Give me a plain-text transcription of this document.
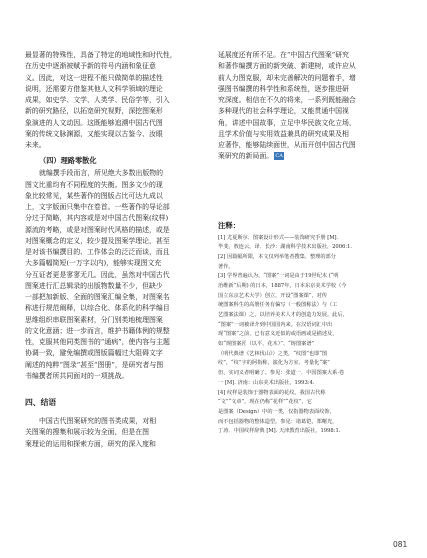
最显著的特殊性，具备了特定的地域性和时代性，
在历史中逐渐被赋予新的符号内涵和象征意
义。因此，对这一进程不能只做简单的描述性
说明，还需要方借鉴其他人文科学领域的理论
成果，如史学、文学、人类学、民俗学等，引入
新的研究路径，以拓宽研究视野，深挖图案形
象演进的人文动因。这既能够追溯中国古代图
案的传统文脉渊源，又能实现以古鉴今、汝眼
未来。
（四）理路零散化
就编撰手段而言，所见绝大多数出版物的
图文比重均有不同程度的失衡。图多文少的现
象比较常见，某些著作的图版占比可达九成以
上，文字版面只集中在卷首。一些著作的导论部
分过于简略，其内容或是对中国古代图案(纹样)
源流的考略，或是对图案时代风格的描述，或是
对图案概念的定义，较少提及图案学理论，甚至
是对该书编撰目的、工作体会的泛泛而谈，而且
大多篇幅简短(一万字以内)，能够实现图文充
分互证者更是寥寥无几。因此，虽然对中国古代
图案进行汇总辑录的出版物数量不少，但缺少
一部把加新版、全面的图案汇编全集，对图案名
称进行规范阐释，以综合化、体系化的科学编目
思维组织串联图案素材，分门别类地梳理图案
的文化意涵；进一步而言，维护书籍体例的规整
性，克服其他同类图书的“通病”，使内容与主题
协调一致，避免编撰或图版篇幅过大阻碍文字
阐述的纯粹“图录”甚至“图册”，是研究者与图
书编撰者所共同面对的一项挑战。
四、结语
中国古代图案研究的图书类成果，对相
关图案的搜集和展示较为全面，但是在图
案理论的运用和探索方面，研究的深入度和
延展度还有所不足。在“中国古代图案”研究
和著作编撰方面的新突破、新建树，或许应从
前人力图克服，却未完善解决的问题着手，增
强图书编撰的科学性和系统性，逐步推进研
究深度。相信在不久的将来，一系列既能融合
多种现代的社会科学理论，又能贯通中国视
角，讲述中国故事，立足中华民族文化立场，
且学术价值与实用效益兼具的研究成果及相
应著作，能够陆续面世，从而开创中国古代图
案研究的新局面。 CA
注释：
[1] 尤夏斯尔．图案设计形式——装饰研究手册 [M].
毕斐，敖连云，译．长沙：湖南科学技术出版社，2006:1.
[2] 因篇幅所限，本文仅列举笔者搜集、整理的部分
著作。
[3] 学界普遍认为，“图案”一词是由于19世纪末 (“明
治维新”后期) 的日本，1887年，日本东京美术学校（今
国立东京艺术大学）创立，开设“图案课”，对传
统图案科生的高册任务有偏写（一般图称法）与（工
艺图案法课）之，以培养美术人才的创造力发展。此后，
“图案”一词被译介到中国国内来。在汉语词汇中出
现“图案”之前，已有意义近似的或语画或是描述及，
如“规图案匠（以平、花木）”、“铸图案谱”
（明代典谱《艺林伐山》）之类，“纹图”也即“图
纹”，“纹”字的阿指称，演化为方室、考量化“案”
但，实词义者明确了。参见：张道一．中国图案大系·卷
一 [M]. 济南：山东美术出版社，1993:4.
[4] 纹样是装饰于器物表面的花纹。我国古代称
“文”“文章”，现在仍称“花样”“花纹”，它
是图案（Design）中的一类，仅指器物表面纹饰，
而不包括器物的整体造型。参见：诸葛铠，郑曙光，
丁涛．中国纹样辞典 [M]. 天津教育出版社，1998:1.
081
